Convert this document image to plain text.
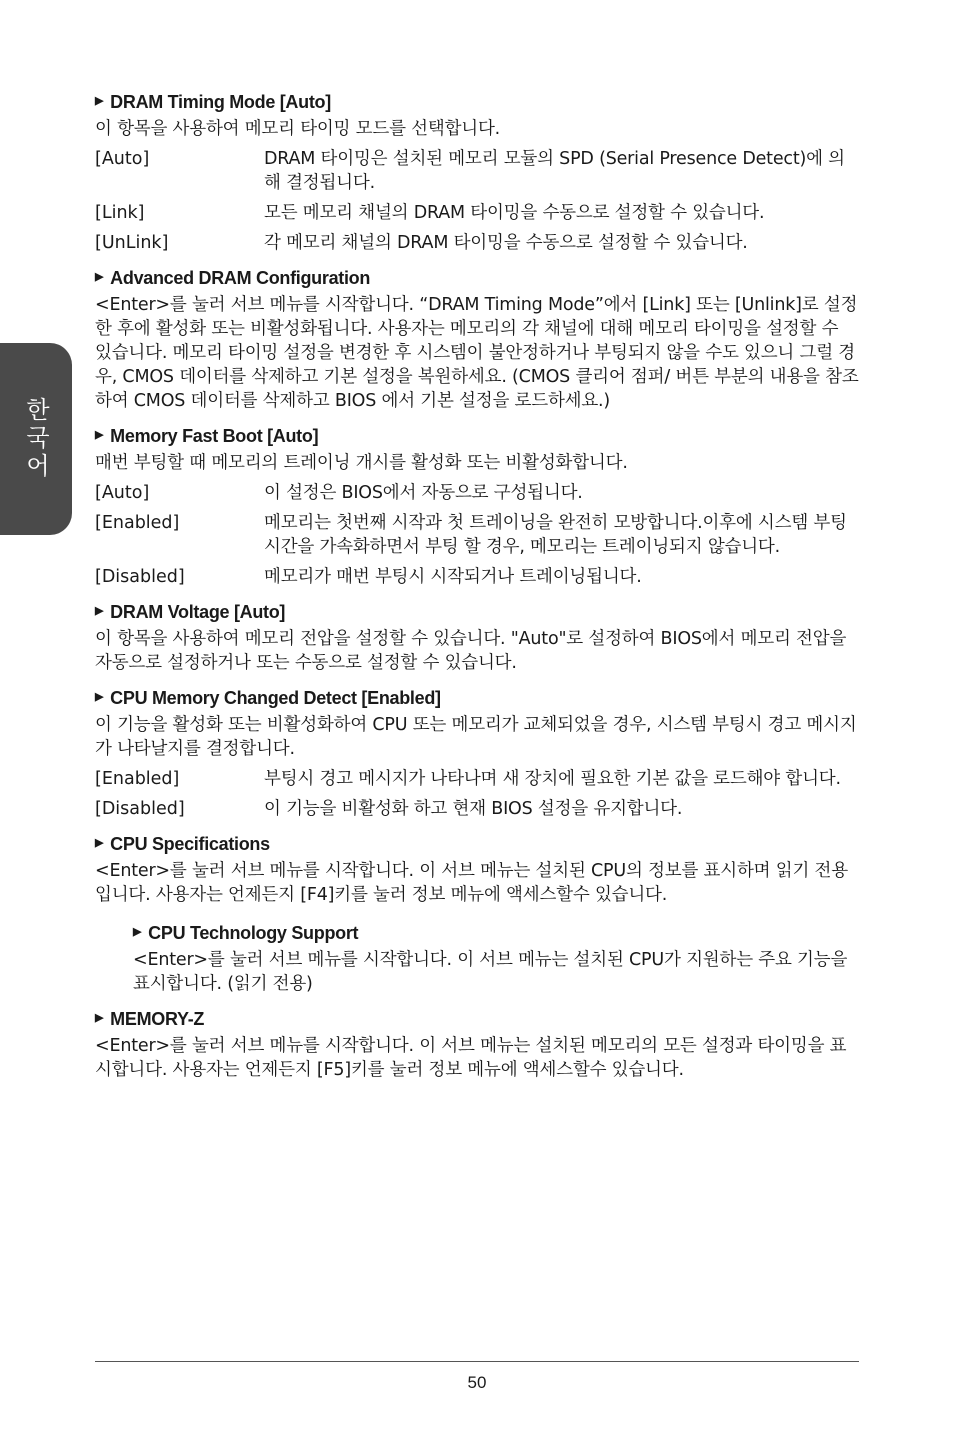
한국어
▶ DRAM Timing Mode [Auto]
이 항목을 사용하여 메모리 타이밍 모드를 선택합니다.
[Auto]	DRAM 타이밍은 설치된 메모리 모듈의 SPD (Serial Presence Detect)에 의해 결정됩니다.
[Link]	모든 메모리 채널의 DRAM 타이밍을 수동으로 설정할 수 있습니다.
[UnLink]	각 메모리 채널의 DRAM 타이밍을 수동으로 설정할 수 있습니다.
▶ Advanced DRAM Configuration
<Enter>를 눌러 서브 메뉴를 시작합니다. “DRAM Timing Mode”에서 [Link] 또는 [Unlink]로 설정한 후에 활성화 또는 비활성화됩니다. 사용자는 메모리의 각 채널에 대해 메모리 타이밍을 설정할 수 있습니다. 메모리 타이밍 설정을 변경한 후 시스템이 불안정하거나 부팅되지 않을 수도 있으니 그럴 경우, CMOS 데이터를 삭제하고 기본 설정을 복원하세요. (CMOS 클리어 점퍼/ 버튼 부분의 내용을 참조하여 CMOS 데이터를 삭제하고 BIOS 에서 기본 설정을 로드하세요.)
▶ Memory Fast Boot [Auto]
매번 부팅할 때 메모리의 트레이닝 개시를 활성화 또는 비활성화합니다.
[Auto]	이 설정은 BIOS에서 자동으로 구성됩니다.
[Enabled]	메모리는 첫번째 시작과 첫 트레이닝을 완전히 모방합니다.이후에 시스템 부팅 시간을 가속화하면서 부팅 할 경우, 메모리는 트레이닝되지 않습니다.
[Disabled]	메모리가 매번 부팅시 시작되거나 트레이닝됩니다.
▶ DRAM Voltage [Auto]
이 항목을 사용하여 메모리 전압을 설정할 수 있습니다. "Auto"로 설정하여 BIOS에서 메모리 전압을 자동으로 설정하거나 또는 수동으로 설정할 수 있습니다.
▶ CPU Memory Changed Detect [Enabled]
이 기능을 활성화 또는 비활성화하여 CPU 또는 메모리가 교체되었을 경우, 시스템 부팅시 경고 메시지가 나타날지를 결정합니다.
[Enabled]	부팅시 경고 메시지가 나타나며 새 장치에 필요한 기본 값을 로드해야 합니다.
[Disabled]	이 기능을 비활성화 하고 현재 BIOS 설정을 유지합니다.
▶ CPU Specifications
<Enter>를 눌러 서브 메뉴를 시작합니다. 이 서브 메뉴는 설치된 CPU의 정보를 표시하며 읽기 전용입니다. 사용자는 언제든지 [F4]키를 눌러 정보 메뉴에 액세스할수 있습니다.
▶ CPU Technology Support
<Enter>를 눌러 서브 메뉴를 시작합니다. 이 서브 메뉴는 설치된 CPU가 지원하는 주요 기능을 표시합니다. (읽기 전용)
▶ MEMORY-Z
<Enter>를 눌러 서브 메뉴를 시작합니다. 이 서브 메뉴는 설치된 메모리의 모든 설정과 타이밍을 표시합니다. 사용자는 언제든지 [F5]키를 눌러 정보 메뉴에 액세스할수 있습니다.
50
